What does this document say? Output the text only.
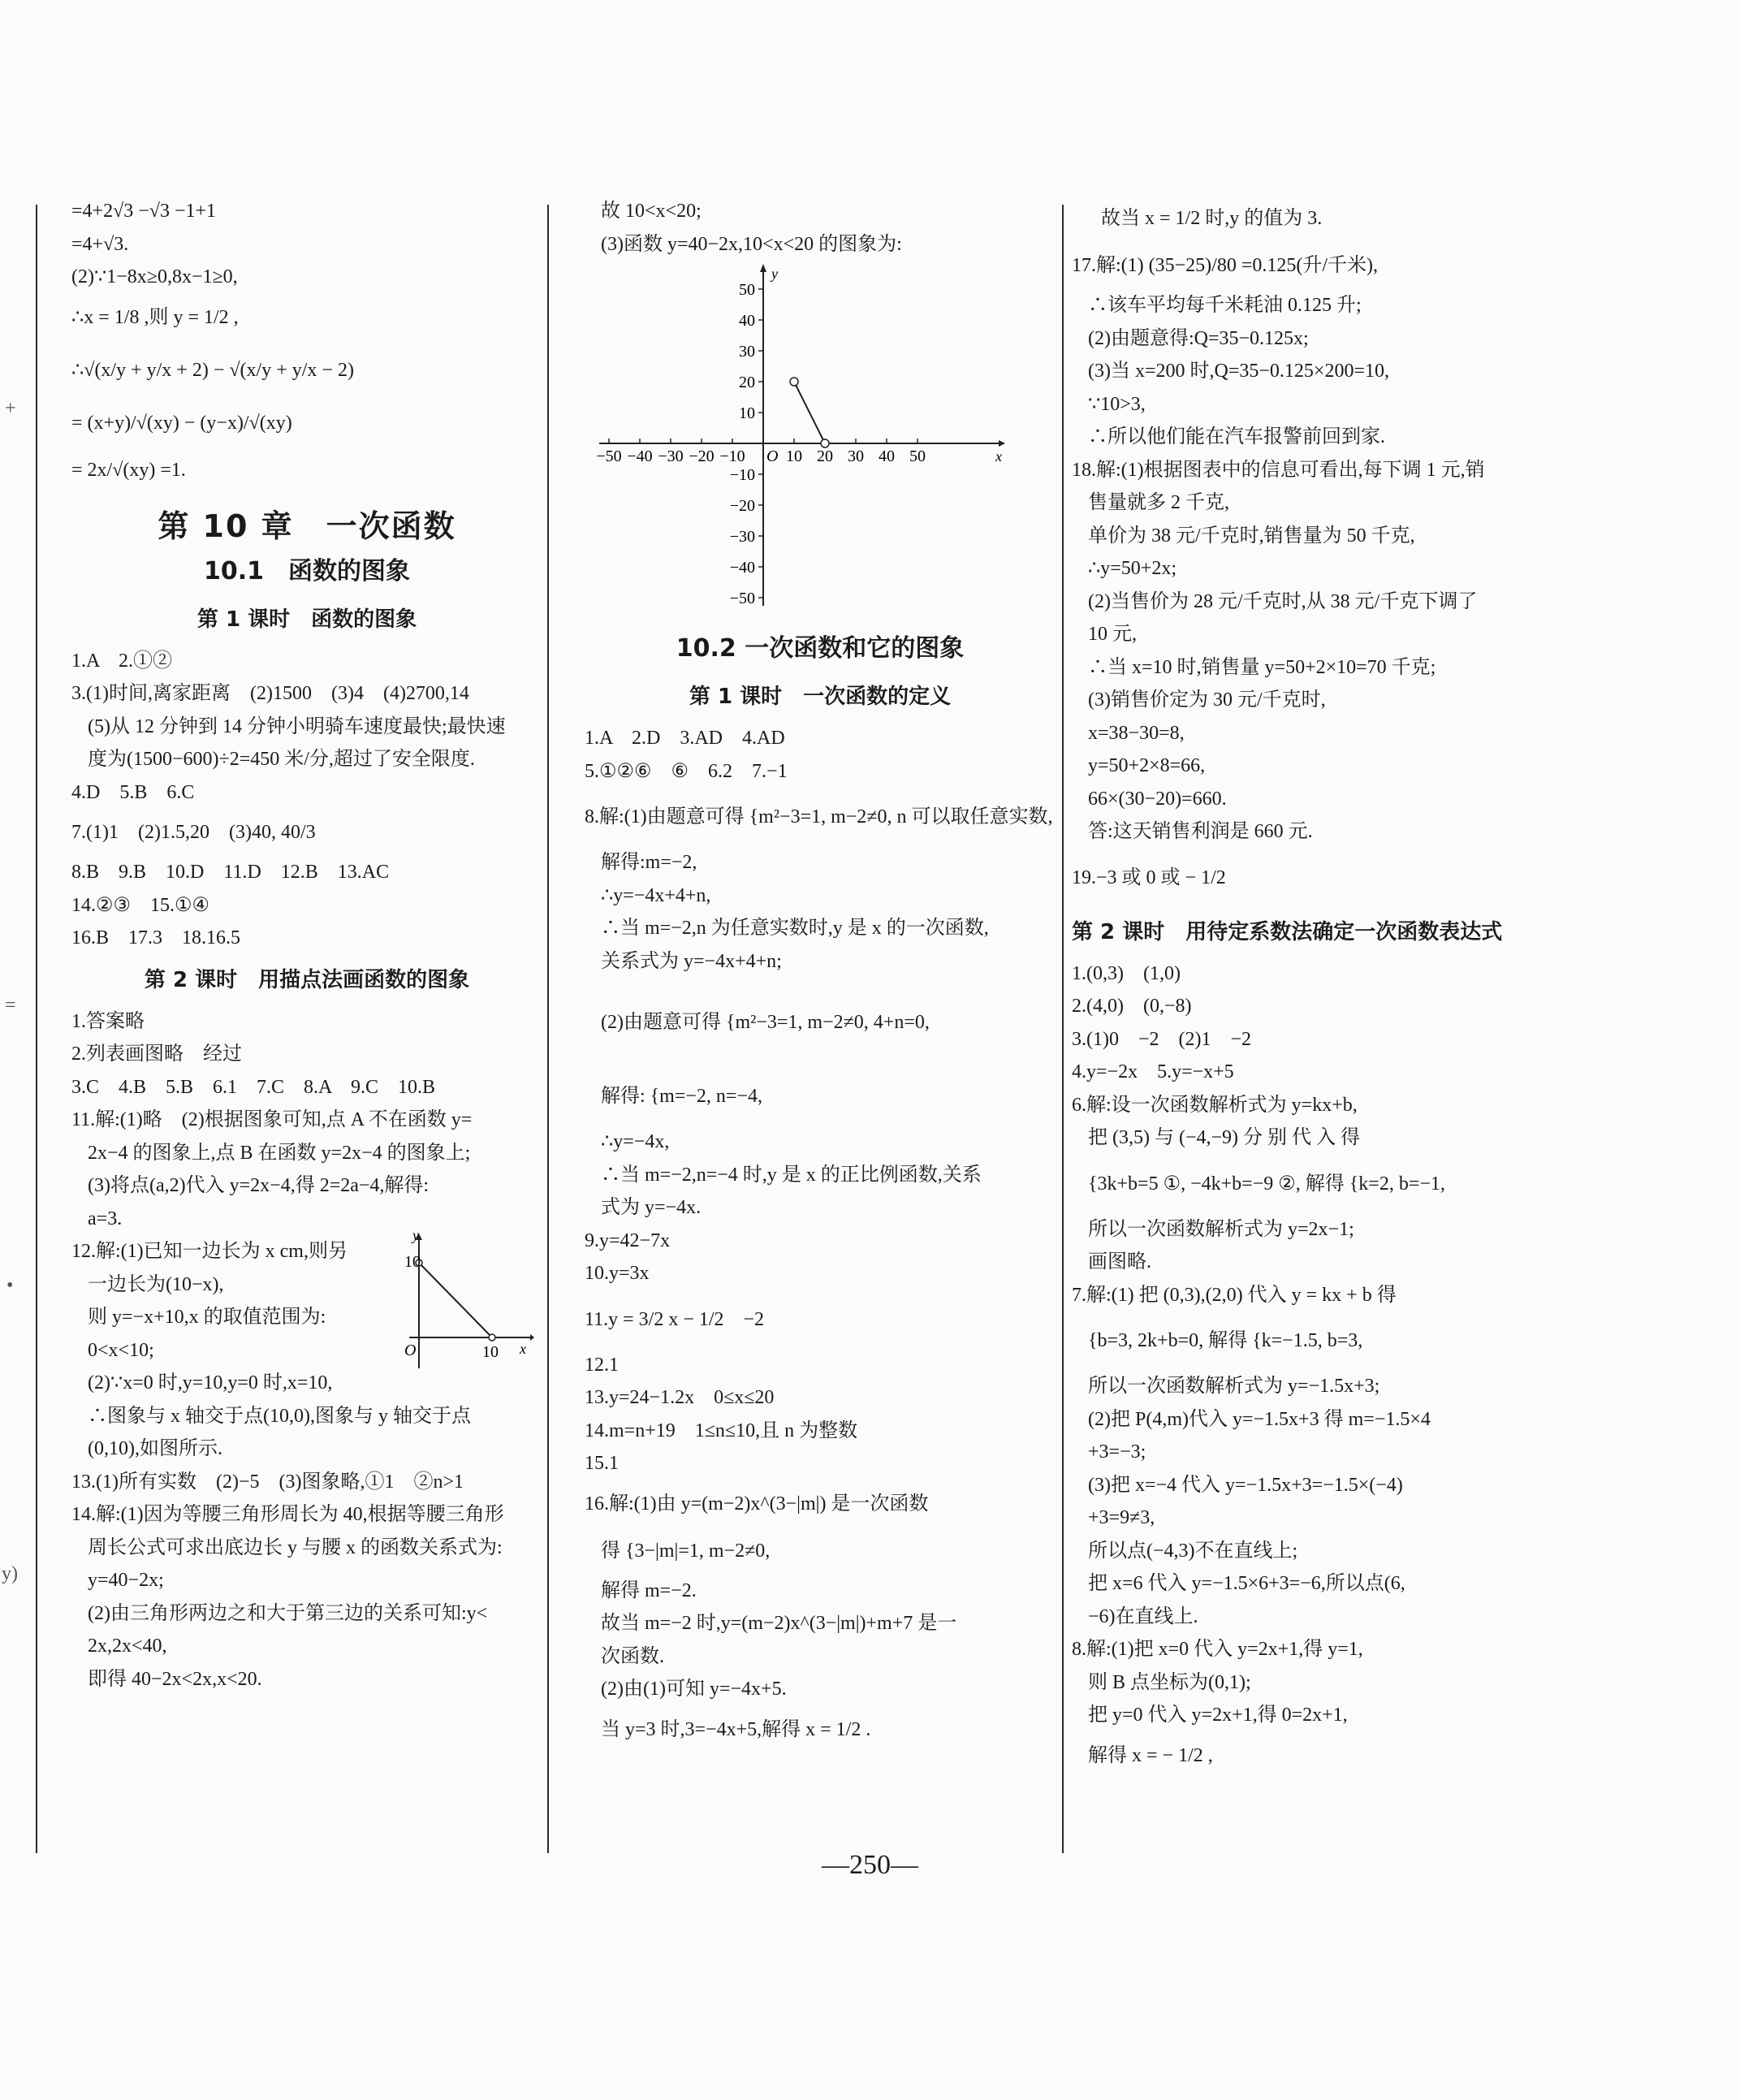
+
=
•
y)
=4+2√3 −√3 −1+1
=4+√3.
(2)∵1−8x≥0,8x−1≥0,
∴x = 1/8 ,则 y = 1/2 ,
∴√(x/y + y/x + 2) − √(x/y + y/x − 2)
= (x+y)/√(xy) − (y−x)/√(xy)
= 2x/√(xy) =1.
第 10 章　一次函数
10.1　函数的图象
第 1 课时　函数的图象
1.A　2.①②
3.(1)时间,离家距离　(2)1500　(3)4　(4)2700,14
(5)从 12 分钟到 14 分钟小明骑车速度最快;最快速
度为(1500−600)÷2=450 米/分,超过了安全限度.
4.D　5.B　6.C
7.(1)1　(2)1.5,20　(3)40, 40/3
8.B　9.B　10.D　11.D　12.B　13.AC
14.②③　15.①④
16.B　17.3　18.16.5
第 2 课时　用描点法画函数的图象
1.答案略
2.列表画图略　经过
3.C　4.B　5.B　6.1　7.C　8.A　9.C　10.B
11.解:(1)略　(2)根据图象可知,点 A 不在函数 y=
2x−4 的图象上,点 B 在函数 y=2x−4 的图象上;
(3)将点(a,2)代入 y=2x−4,得 2=2a−4,解得:
a=3.
12.解:(1)已知一边长为 x cm,则另
一边长为(10−x),
则 y=−x+10,x 的取值范围为:
0<x<10;
10
10
O
y
x
(2)∵x=0 时,y=10,y=0 时,x=10,
∴图象与 x 轴交于点(10,0),图象与 y 轴交于点
(0,10),如图所示.
13.(1)所有实数　(2)−5　(3)图象略,①1　②n>1
14.解:(1)因为等腰三角形周长为 40,根据等腰三角形
周长公式可求出底边长 y 与腰 x 的函数关系式为:
y=40−2x;
(2)由三角形两边之和大于第三边的关系可知:y<
2x,2x<40,
即得 40−2x<2x,x<20.
故 10<x<20;
(3)函数 y=40−2x,10<x<20 的图象为:
−50 −40 −30 −20 −10	10 20 30 40 50
50
40
30
20
10
−10
−20
−30
−40
−50
x
y
O
10.2 一次函数和它的图象
第 1 课时　一次函数的定义
1.A　2.D　3.AD　4.AD
5.①②⑥　⑥　6.2　7.−1
8.解:(1)由题意可得 {m²−3=1, m−2≠0, n 可以取任意实数,
解得:m=−2,
∴y=−4x+4+n,
∴当 m=−2,n 为任意实数时,y 是 x 的一次函数,
关系式为 y=−4x+4+n;
(2)由题意可得 {m²−3=1, m−2≠0, 4+n=0,
解得: {m=−2, n=−4,
∴y=−4x,
∴当 m=−2,n=−4 时,y 是 x 的正比例函数,关系
式为 y=−4x.
9.y=42−7x
10.y=3x
11.y = 3/2 x − 1/2　−2
12.1
13.y=24−1.2x　0≤x≤20
14.m=n+19　1≤n≤10,且 n 为整数
15.1
16.解:(1)由 y=(m−2)x^(3−|m|) 是一次函数
得 {3−|m|=1, m−2≠0,
解得 m=−2.
故当 m=−2 时,y=(m−2)x^(3−|m|)+m+7 是一
次函数.
(2)由(1)可知 y=−4x+5.
当 y=3 时,3=−4x+5,解得 x = 1/2 .
故当 x = 1/2 时,y 的值为 3.
17.解:(1) (35−25)/80 =0.125(升/千米),
∴该车平均每千米耗油 0.125 升;
(2)由题意得:Q=35−0.125x;
(3)当 x=200 时,Q=35−0.125×200=10,
∵10>3,
∴所以他们能在汽车报警前回到家.
18.解:(1)根据图表中的信息可看出,每下调 1 元,销
售量就多 2 千克,
单价为 38 元/千克时,销售量为 50 千克,
∴y=50+2x;
(2)当售价为 28 元/千克时,从 38 元/千克下调了
10 元,
∴当 x=10 时,销售量 y=50+2×10=70 千克;
(3)销售价定为 30 元/千克时,
x=38−30=8,
y=50+2×8=66,
66×(30−20)=660.
答:这天销售利润是 660 元.
19.−3 或 0 或 − 1/2
第 2 课时　用待定系数法确定一次函数表达式
1.(0,3)　(1,0)
2.(4,0)　(0,−8)
3.(1)0　−2　(2)1　−2
4.y=−2x　5.y=−x+5
6.解:设一次函数解析式为 y=kx+b,
把 (3,5) 与 (−4,−9) 分 别 代 入 得
{3k+b=5 ①, −4k+b=−9 ②, 解得 {k=2, b=−1,
所以一次函数解析式为 y=2x−1;
画图略.
7.解:(1) 把 (0,3),(2,0) 代入 y = kx + b 得
{b=3, 2k+b=0, 解得 {k=−1.5, b=3,
所以一次函数解析式为 y=−1.5x+3;
(2)把 P(4,m)代入 y=−1.5x+3 得 m=−1.5×4
+3=−3;
(3)把 x=−4 代入 y=−1.5x+3=−1.5×(−4)
+3=9≠3,
所以点(−4,3)不在直线上;
把 x=6 代入 y=−1.5×6+3=−6,所以点(6,
−6)在直线上.
8.解:(1)把 x=0 代入 y=2x+1,得 y=1,
则 B 点坐标为(0,1);
把 y=0 代入 y=2x+1,得 0=2x+1,
解得 x = − 1/2 ,
—250—
